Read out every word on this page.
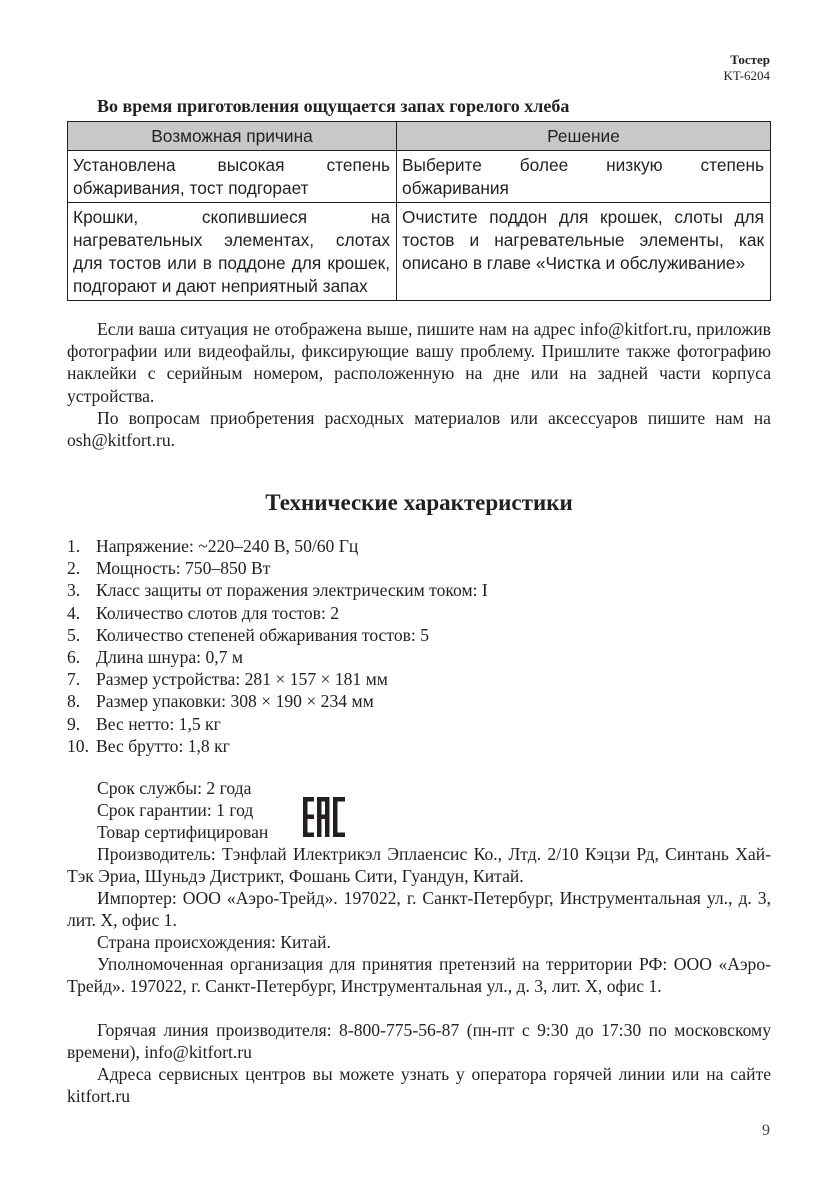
Тостер
KT-6204
Во время приготовления ощущается запах горелого хлеба
Возможная причина	Решение
Установлена высокая степень обжаривания, тост подгорает	Выберите более низкую степень обжаривания
Крошки, скопившиеся на нагревательных элементах, слотах для тостов или в поддоне для крошек, подгорают и дают неприятный запах	Очистите поддон для крошек, слоты для тостов и нагревательные элементы, как описано в главе «Чистка и обслуживание»

Если ваша ситуация не отображена выше, пишите нам на адрес info@kitfort.ru, приложив фотографии или видеофайлы, фиксирующие вашу проблему. Пришлите также фотографию наклейки с серийным номером, расположенную на дне или на задней части корпуса устройства.

По вопросам приобретения расходных материалов или аксессуаров пишите нам на osh@kitfort.ru.

Технические характеристики
1. Напряжение: ~220–240 В, 50/60 Гц
2. Мощность: 750–850 Вт
3. Класс защиты от поражения электрическим током: I
4. Количество слотов для тостов: 2
5. Количество степеней обжаривания тостов: 5
6. Длина шнура: 0,7 м
7. Размер устройства: 281 × 157 × 181 мм
8. Размер упаковки: 308 × 190 × 234 мм
9. Вес нетто: 1,5 кг
10. Вес брутто: 1,8 кг

Срок службы: 2 года

Срок гарантии: 1 год

Товар сертифицирован

Производитель: Тэнфлай Илектрикэл Эплаенсис Ко., Лтд. 2/10 Кэцзи Рд, Синтань Хай-Тэк Эриа, Шуньдэ Дистрикт, Фошань Сити, Гуандун, Китай.

Импортер: ООО «Аэро-Трейд». 197022, г. Санкт-Петербург, Инструментальная ул., д. 3, лит. Х, офис 1.

Страна происхождения: Китай.

Уполномоченная организация для принятия претензий на территории РФ: ООО «Аэро-Трейд». 197022, г. Санкт-Петербург, Инструментальная ул., д. 3, лит. Х, офис 1.

Горячая линия производителя: 8-800-775-56-87 (пн-пт с 9:30 до 17:30 по московскому времени), info@kitfort.ru

Адреса сервисных центров вы можете узнать у оператора горячей линии или на сайте kitfort.ru

9
